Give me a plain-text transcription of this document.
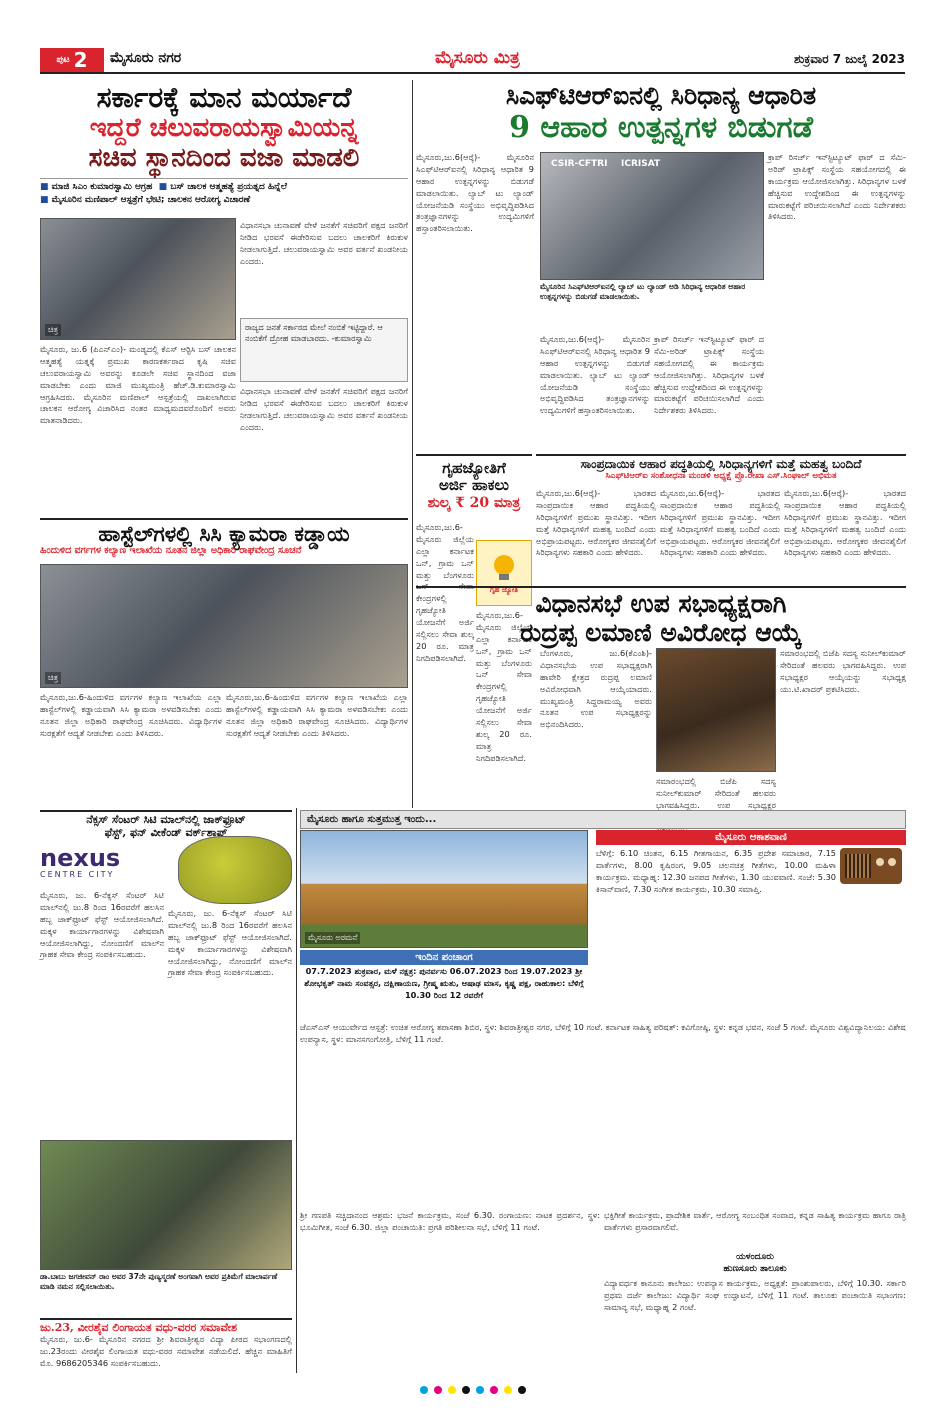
ಪುಟ 2 ಮೈಸೂರು ನಗರ	ಮೈಸೂರು ಮಿತ್ರ	ಶುಕ್ರವಾರ 7 ಜುಲೈ 2023
ಸರ್ಕಾರಕ್ಕೆ ಮಾನ ಮರ್ಯಾದೆ
ಇದ್ದರೆ ಚಲುವರಾಯಸ್ವಾಮಿಯನ್ನ
ಸಚಿವ ಸ್ಥಾನದಿಂದ ವಜಾ ಮಾಡಲಿ
■ ಮಾಜಿ ಸಿಎಂ ಕುಮಾರಸ್ವಾಮಿ ಆಗ್ರಹ ■ ಬಸ್ ಚಾಲಕ ಆತ್ಮಹತ್ಯೆ ಪ್ರಯತ್ನದ ಹಿನ್ನೆಲೆ
■ ಮೈಸೂರಿನ ಮಣಿಪಾಲ್ ಆಸ್ಪತ್ರೆಗೆ ಭೇಟಿ; ಚಾಲಕನ ಆರೋಗ್ಯ ವಿಚಾರಣೆ
ಚಿತ್ರ
ವಿಧಾನಸಭಾ ಚುನಾವಣೆ ವೇಳೆ ಜನತೆಗೆ ಸಚಿವರಿಗೆ ಪಕ್ಷದ ಜನರಿಗೆ ನೀಡಿದ ಭರವಸೆ ಈಡೇರಿಸುವ ಬದಲು ಚಾಲಕರಿಗೆ ಕಿರುಕುಳ ನೀಡಲಾಗುತ್ತಿದೆ. ಚಲುವರಾಯಸ್ವಾಮಿ ಅವರ ವರ್ತನೆ ಖಂಡನೀಯ ಎಂದರು.
ರಾಜ್ಯದ ಜನತೆ ಸರ್ಕಾರದ ಮೇಲೆ ನಂಬಿಕೆ ಇಟ್ಟಿದ್ದಾರೆ. ಆ ನಂಬಿಕೆಗೆ ದ್ರೋಹ ಮಾಡಬಾರದು. -ಕುಮಾರಸ್ವಾಮಿ
ಮೈಸೂರು, ಜು.6 (ಪಿಎನ್‍ಎಂ)- ಮಂಡ್ಯದಲ್ಲಿ ಕೆಎಸ್ ಆರ್‍ಟಿಸಿ ಬಸ್ ಚಾಲಕನ ಆತ್ಮಹತ್ಯೆ ಯತ್ನಕ್ಕೆ ಪ್ರಮುಖ ಕಾರಣಕರ್ತರಾದ ಕೃಷಿ ಸಚಿವ ಚಲುವರಾಯಸ್ವಾಮಿ ಅವರನ್ನು ಕೂಡಲೇ ಸಚಿವ ಸ್ಥಾನದಿಂದ ವಜಾ ಮಾಡಬೇಕು ಎಂದು ಮಾಜಿ ಮುಖ್ಯಮಂತ್ರಿ ಹೆಚ್.ಡಿ.ಕುಮಾರಸ್ವಾಮಿ ಆಗ್ರಹಿಸಿದರು. ಮೈಸೂರಿನ ಮಣಿಪಾಲ್ ಆಸ್ಪತ್ರೆಯಲ್ಲಿ ದಾಖಲಾಗಿರುವ ಚಾಲಕನ ಆರೋಗ್ಯ ವಿಚಾರಿಸಿದ ನಂತರ ಮಾಧ್ಯಮದವರೊಂದಿಗೆ ಅವರು ಮಾತನಾಡಿದರು.
ವಿಧಾನಸಭಾ ಚುನಾವಣೆ ವೇಳೆ ಜನತೆಗೆ ಸಚಿವರಿಗೆ ಪಕ್ಷದ ಜನರಿಗೆ ನೀಡಿದ ಭರವಸೆ ಈಡೇರಿಸುವ ಬದಲು ಚಾಲಕರಿಗೆ ಕಿರುಕುಳ ನೀಡಲಾಗುತ್ತಿದೆ. ಚಲುವರಾಯಸ್ವಾಮಿ ಅವರ ವರ್ತನೆ ಖಂಡನೀಯ ಎಂದರು.
ಹಾಸ್ಟೆಲ್‍ಗಳಲ್ಲಿ ಸಿಸಿ ಕ್ಯಾಮರಾ ಕಡ್ಡಾಯ
ಹಿಂದುಳಿದ ವರ್ಗಗಳ ಕಲ್ಯಾಣ ಇಲಾಖೆಯ ನೂತನ ಜಿಲ್ಲಾ ಅಧಿಕಾರಿ ರಾಘವೇಂದ್ರ ಸೂಚನೆ
ಚಿತ್ರ
ಮೈಸೂರು,ಜು.6-ಹಿಂದುಳಿದ ವರ್ಗಗಳ ಕಲ್ಯಾಣ ಇಲಾಖೆಯ ಎಲ್ಲಾ ಹಾಸ್ಟೆಲ್‍ಗಳಲ್ಲಿ ಕಡ್ಡಾಯವಾಗಿ ಸಿಸಿ ಕ್ಯಾಮರಾ ಅಳವಡಿಸಬೇಕು ಎಂದು ನೂತನ ಜಿಲ್ಲಾ ಅಧಿಕಾರಿ ರಾಘವೇಂದ್ರ ಸೂಚಿಸಿದರು. ವಿದ್ಯಾರ್ಥಿಗಳ ಸುರಕ್ಷತೆಗೆ ಆದ್ಯತೆ ನೀಡಬೇಕು ಎಂದು ತಿಳಿಸಿದರು.
ಮೈಸೂರು,ಜು.6-ಹಿಂದುಳಿದ ವರ್ಗಗಳ ಕಲ್ಯಾಣ ಇಲಾಖೆಯ ಎಲ್ಲಾ ಹಾಸ್ಟೆಲ್‍ಗಳಲ್ಲಿ ಕಡ್ಡಾಯವಾಗಿ ಸಿಸಿ ಕ್ಯಾಮರಾ ಅಳವಡಿಸಬೇಕು ಎಂದು ನೂತನ ಜಿಲ್ಲಾ ಅಧಿಕಾರಿ ರಾಘವೇಂದ್ರ ಸೂಚಿಸಿದರು. ವಿದ್ಯಾರ್ಥಿಗಳ ಸುರಕ್ಷತೆಗೆ ಆದ್ಯತೆ ನೀಡಬೇಕು ಎಂದು ತಿಳಿಸಿದರು.
ಸಿಎಫ್‍ಟಿಆರ್‍ಐನಲ್ಲಿ ಸಿರಿಧಾನ್ಯ ಆಧಾರಿತ
9 ಆಹಾರ ಉತ್ಪನ್ನಗಳ ಬಿಡುಗಡೆ
ಮೈಸೂರು,ಜು.6(ಆರ್‍ಕೆ)- ಮೈಸೂರಿನ ಸಿಎಫ್‍ಟಿಆರ್‍ಐನಲ್ಲಿ ಸಿರಿಧಾನ್ಯ ಆಧಾರಿತ 9 ಆಹಾರ ಉತ್ಪನ್ನಗಳನ್ನು ಬಿಡುಗಡೆ ಮಾಡಲಾಯಿತು. ಲ್ಯಾಬ್ ಟು ಲ್ಯಾಂಡ್ ಯೋಜನೆಯಡಿ ಸಂಸ್ಥೆಯು ಅಭಿವೃದ್ಧಿಪಡಿಸಿದ ತಂತ್ರಜ್ಞಾನಗಳನ್ನು ಉದ್ಯಮಿಗಳಿಗೆ ಹಸ್ತಾಂತರಿಸಲಾಯಿತು.
CSIR-CFTRI ICRISAT
ಮೈಸೂರಿನ ಸಿಎಫ್‍ಟಿಆರ್‍ಐನಲ್ಲಿ ಲ್ಯಾಬ್ ಟು ಲ್ಯಾಂಡ್ ಅಡಿ ಸಿರಿಧಾನ್ಯ ಆಧಾರಿತ ಆಹಾರ ಉತ್ಪನ್ನಗಳನ್ನು ಬಿಡುಗಡೆ ಮಾಡಲಾಯಿತು.
ಕ್ರಾಪ್ ರಿಸರ್ಚ್ ಇನ್‍ಸ್ಟಿಟ್ಯೂಟ್ ಫಾರ್ ದ ಸೆಮಿ-ಅರಿಡ್ ಟ್ರಾಪಿಕ್ಸ್ ಸಂಸ್ಥೆಯ ಸಹಯೋಗದಲ್ಲಿ ಈ ಕಾರ್ಯಕ್ರಮ ಆಯೋಜಿಸಲಾಗಿತ್ತು. ಸಿರಿಧಾನ್ಯಗಳ ಬಳಕೆ ಹೆಚ್ಚಿಸುವ ಉದ್ದೇಶದಿಂದ ಈ ಉತ್ಪನ್ನಗಳನ್ನು ಮಾರುಕಟ್ಟೆಗೆ ಪರಿಚಯಿಸಲಾಗಿದೆ ಎಂದು ನಿರ್ದೇಶಕರು ತಿಳಿಸಿದರು.
ಮೈಸೂರು,ಜು.6(ಆರ್‍ಕೆ)- ಮೈಸೂರಿನ ಸಿಎಫ್‍ಟಿಆರ್‍ಐನಲ್ಲಿ ಸಿರಿಧಾನ್ಯ ಆಧಾರಿತ 9 ಆಹಾರ ಉತ್ಪನ್ನಗಳನ್ನು ಬಿಡುಗಡೆ ಮಾಡಲಾಯಿತು. ಲ್ಯಾಬ್ ಟು ಲ್ಯಾಂಡ್ ಯೋಜನೆಯಡಿ ಸಂಸ್ಥೆಯು ಅಭಿವೃದ್ಧಿಪಡಿಸಿದ ತಂತ್ರಜ್ಞಾನಗಳನ್ನು ಉದ್ಯಮಿಗಳಿಗೆ ಹಸ್ತಾಂತರಿಸಲಾಯಿತು.
ಕ್ರಾಪ್ ರಿಸರ್ಚ್ ಇನ್‍ಸ್ಟಿಟ್ಯೂಟ್ ಫಾರ್ ದ ಸೆಮಿ-ಅರಿಡ್ ಟ್ರಾಪಿಕ್ಸ್ ಸಂಸ್ಥೆಯ ಸಹಯೋಗದಲ್ಲಿ ಈ ಕಾರ್ಯಕ್ರಮ ಆಯೋಜಿಸಲಾಗಿತ್ತು. ಸಿರಿಧಾನ್ಯಗಳ ಬಳಕೆ ಹೆಚ್ಚಿಸುವ ಉದ್ದೇಶದಿಂದ ಈ ಉತ್ಪನ್ನಗಳನ್ನು ಮಾರುಕಟ್ಟೆಗೆ ಪರಿಚಯಿಸಲಾಗಿದೆ ಎಂದು ನಿರ್ದೇಶಕರು ತಿಳಿಸಿದರು.
ಸಾಂಪ್ರದಾಯಿಕ ಆಹಾರ ಪದ್ಧತಿಯಲ್ಲಿ ಸಿರಿಧಾನ್ಯಗಳಿಗೆ ಮತ್ತೆ ಮಹತ್ವ ಬಂದಿದೆ
ಸಿಎಫ್‍ಟಿಆರ್‍ಐ ಸಂಶೋಧನಾ ಮಂಡಳಿ ಅಧ್ಯಕ್ಷೆ ಪ್ರೊ.ರೇಖಾ ಎಸ್.ಸಿಂಘಾಲ್ ಅಭಿಮತ
ಮೈಸೂರು,ಜು.6(ಆರ್‍ಕೆ)- ಭಾರತದ ಸಾಂಪ್ರದಾಯಿಕ ಆಹಾರ ಪದ್ಧತಿಯಲ್ಲಿ ಸಿರಿಧಾನ್ಯಗಳಿಗೆ ಪ್ರಮುಖ ಸ್ಥಾನವಿತ್ತು. ಇದೀಗ ಮತ್ತೆ ಸಿರಿಧಾನ್ಯಗಳಿಗೆ ಮಹತ್ವ ಬಂದಿದೆ ಎಂದು ಅಭಿಪ್ರಾಯಪಟ್ಟರು. ಆರೋಗ್ಯಕರ ಜೀವನಶೈಲಿಗೆ ಸಿರಿಧಾನ್ಯಗಳು ಸಹಕಾರಿ ಎಂದು ಹೇಳಿದರು.
ಮೈಸೂರು,ಜು.6(ಆರ್‍ಕೆ)- ಭಾರತದ ಸಾಂಪ್ರದಾಯಿಕ ಆಹಾರ ಪದ್ಧತಿಯಲ್ಲಿ ಸಿರಿಧಾನ್ಯಗಳಿಗೆ ಪ್ರಮುಖ ಸ್ಥಾನವಿತ್ತು. ಇದೀಗ ಮತ್ತೆ ಸಿರಿಧಾನ್ಯಗಳಿಗೆ ಮಹತ್ವ ಬಂದಿದೆ ಎಂದು ಅಭಿಪ್ರಾಯಪಟ್ಟರು. ಆರೋಗ್ಯಕರ ಜೀವನಶೈಲಿಗೆ ಸಿರಿಧಾನ್ಯಗಳು ಸಹಕಾರಿ ಎಂದು ಹೇಳಿದರು.
ಮೈಸೂರು,ಜು.6(ಆರ್‍ಕೆ)- ಭಾರತದ ಸಾಂಪ್ರದಾಯಿಕ ಆಹಾರ ಪದ್ಧತಿಯಲ್ಲಿ ಸಿರಿಧಾನ್ಯಗಳಿಗೆ ಪ್ರಮುಖ ಸ್ಥಾನವಿತ್ತು. ಇದೀಗ ಮತ್ತೆ ಸಿರಿಧಾನ್ಯಗಳಿಗೆ ಮಹತ್ವ ಬಂದಿದೆ ಎಂದು ಅಭಿಪ್ರಾಯಪಟ್ಟರು. ಆರೋಗ್ಯಕರ ಜೀವನಶೈಲಿಗೆ ಸಿರಿಧಾನ್ಯಗಳು ಸಹಕಾರಿ ಎಂದು ಹೇಳಿದರು.
ಗೃಹಜ್ಯೋತಿಗೆ
ಅರ್ಜಿ ಹಾಕಲು
ಶುಲ್ಕ ₹ 20 ಮಾತ್ರ
ಮೈಸೂರು,ಜು.6- ಮೈಸೂರು ಜಿಲ್ಲೆಯ ಎಲ್ಲಾ ಕರ್ನಾಟಕ ಒನ್, ಗ್ರಾಮ ಒನ್ ಮತ್ತು ಬೆಂಗಳೂರು ಒನ್ ಸೇವಾ ಕೇಂದ್ರಗಳಲ್ಲಿ ಗೃಹಜ್ಯೋತಿ ಯೋಜನೆಗೆ ಅರ್ಜಿ ಸಲ್ಲಿಸಲು ಸೇವಾ ಶುಲ್ಕ 20 ರೂ. ಮಾತ್ರ ನಿಗದಿಪಡಿಸಲಾಗಿದೆ.
ಗೃಹ ಜ್ಯೋತಿ
ಮೈಸೂರು,ಜು.6- ಮೈಸೂರು ಜಿಲ್ಲೆಯ ಎಲ್ಲಾ ಕರ್ನಾಟಕ ಒನ್, ಗ್ರಾಮ ಒನ್ ಮತ್ತು ಬೆಂಗಳೂರು ಒನ್ ಸೇವಾ ಕೇಂದ್ರಗಳಲ್ಲಿ ಗೃಹಜ್ಯೋತಿ ಯೋಜನೆಗೆ ಅರ್ಜಿ ಸಲ್ಲಿಸಲು ಸೇವಾ ಶುಲ್ಕ 20 ರೂ. ಮಾತ್ರ ನಿಗದಿಪಡಿಸಲಾಗಿದೆ.
ವಿಧಾನಸಭೆ ಉಪ ಸಭಾಧ್ಯಕ್ಷರಾಗಿ
ರುದ್ರಪ್ಪ ಲಮಾಣಿ ಅವಿರೋಧ ಆಯ್ಕೆ
ಬೆಂಗಳೂರು, ಜು.6(ಕೆಎಂಶಿ)- ವಿಧಾನಸಭೆಯ ಉಪ ಸಭಾಧ್ಯಕ್ಷರಾಗಿ ಹಾವೇರಿ ಕ್ಷೇತ್ರದ ರುದ್ರಪ್ಪ ಲಮಾಣಿ ಅವಿರೋಧವಾಗಿ ಆಯ್ಕೆಯಾದರು. ಮುಖ್ಯಮಂತ್ರಿ ಸಿದ್ದರಾಮಯ್ಯ ಅವರು ನೂತನ ಉಪ ಸಭಾಧ್ಯಕ್ಷರನ್ನು ಅಭಿನಂದಿಸಿದರು.
ಸಮಾರಂಭದಲ್ಲಿ ಬಿಜೆಪಿ ಸದಸ್ಯ ಸುನೀಲ್‍ಕುಮಾರ್ ಸೇರಿದಂತೆ ಹಲವರು ಭಾಗವಹಿಸಿದ್ದರು. ಉಪ ಸಭಾಧ್ಯಕ್ಷರ
ಸಮಾರಂಭದಲ್ಲಿ ಬಿಜೆಪಿ ಸದಸ್ಯ ಸುನೀಲ್‍ಕುಮಾರ್ ಸೇರಿದಂತೆ ಹಲವರು ಭಾಗವಹಿಸಿದ್ದರು. ಉಪ ಸಭಾಧ್ಯಕ್ಷರ ಆಯ್ಕೆಯನ್ನು ಸಭಾಧ್ಯಕ್ಷ ಯು.ಟಿ.ಖಾದರ್ ಪ್ರಕಟಿಸಿದರು.
ನೆಕ್ಸಸ್ ಸೆಂಟರ್ ಸಿಟಿ ಮಾಲ್‍ನಲ್ಲಿ ಜಾಕ್‍ಫ್ರೂಟ್
ಫೆಸ್ಟ್, ಫನ್ ವೀಕೆಂಡ್ ವರ್ಕ್‍ಶಾಪ್
nexus
CENTRE CITY
ಮೈಸೂರು, ಜು. 6-ನೆಕ್ಸಸ್ ಸೆಂಟರ್ ಸಿಟಿ ಮಾಲ್‍ನಲ್ಲಿ ಜು.8 ರಿಂದ 16ರವರೆಗೆ ಹಲಸಿನ ಹಬ್ಬ ಜಾಕ್‍ಫ್ರೂಟ್ ಫೆಸ್ಟ್ ಆಯೋಜಿಸಲಾಗಿದೆ. ಮಕ್ಕಳ ಕಾರ್ಯಾಗಾರಗಳನ್ನು ವಿಶೇಷವಾಗಿ ಆಯೋಜಿಸಲಾಗಿದ್ದು, ನೋಂದಣಿಗೆ ಮಾಲ್‍ನ ಗ್ರಾಹಕ ಸೇವಾ ಕೇಂದ್ರ ಸಂಪರ್ಕಿಸಬಹುದು.
ಮೈಸೂರು, ಜು. 6-ನೆಕ್ಸಸ್ ಸೆಂಟರ್ ಸಿಟಿ ಮಾಲ್‍ನಲ್ಲಿ ಜು.8 ರಿಂದ 16ರವರೆಗೆ ಹಲಸಿನ ಹಬ್ಬ ಜಾಕ್‍ಫ್ರೂಟ್ ಫೆಸ್ಟ್ ಆಯೋಜಿಸಲಾಗಿದೆ. ಮಕ್ಕಳ ಕಾರ್ಯಾಗಾರಗಳನ್ನು ವಿಶೇಷವಾಗಿ ಆಯೋಜಿಸಲಾಗಿದ್ದು, ನೋಂದಣಿಗೆ ಮಾಲ್‍ನ ಗ್ರಾಹಕ ಸೇವಾ ಕೇಂದ್ರ ಸಂಪರ್ಕಿಸಬಹುದು.
ಡಾ.ಬಾಬು ಜಗಜೀವನ್ ರಾಂ ಅವರ 37ನೇ ಪುಣ್ಯಸ್ಮರಣೆ ಅಂಗವಾಗಿ ಅವರ ಪ್ರತಿಮೆಗೆ ಮಾಲಾರ್ಪಣೆ ಮಾಡಿ ನಮನ ಸಲ್ಲಿಸಲಾಯಿತು.
ಜು.23, ವೀರಶೈವ ಲಿಂಗಾಯತ ವಧು-ವರರ ಸಮಾವೇಶ
ಮೈಸೂರು, ಜು.6- ಮೈಸೂರಿನ ನಗರದ ಶ್ರೀ ಶಿವರಾತ್ರೀಶ್ವರ ವಿದ್ಯಾ ಪೀಠದ ಸಭಾಂಗಣದಲ್ಲಿ ಜು.23ರಂದು ವೀರಶೈವ ಲಿಂಗಾಯತ ವಧು-ವರರ ಸಮಾವೇಶ ನಡೆಯಲಿದೆ. ಹೆಚ್ಚಿನ ಮಾಹಿತಿಗೆ ಮೊ. 9686205346 ಸಂಪರ್ಕಿಸಬಹುದು.
ಮೈಸೂರು ಹಾಗೂ ಸುತ್ತಮುತ್ತ ಇಂದು...
ಮೈಸೂರು ಅರಮನೆ
ಇಂದಿನ ಪಂಚಾಂಗ
07.7.2023 ಶುಕ್ರವಾರ, ಮಳೆ ನಕ್ಷತ್ರ: ಪುನರ್ವಸು 06.07.2023 ರಿಂದ 19.07.2023 ಶ್ರೀ ಶೋಭಕೃತ್ ನಾಮ ಸಂವತ್ಸರ, ದಕ್ಷಿಣಾಯಣ, ಗ್ರೀಷ್ಮ ಋತು, ಆಷಾಢ ಮಾಸ, ಕೃಷ್ಣ ಪಕ್ಷ, ರಾಹುಕಾಲ: ಬೆಳಿಗ್ಗೆ 10.30 ರಿಂದ 12 ರವರೆಗೆ
ಜೆಎಸ್‍ಎಸ್ ಆಯುರ್ವೇದ ಆಸ್ಪತ್ರೆ: ಉಚಿತ ಆರೋಗ್ಯ ತಪಾಸಣಾ ಶಿಬಿರ, ಸ್ಥಳ: ಶಿವರಾತ್ರೀಶ್ವರ ನಗರ, ಬೆಳಿಗ್ಗೆ 10 ಗಂಟೆ. ಕರ್ನಾಟಕ ಸಾಹಿತ್ಯ ಪರಿಷತ್: ಕವಿಗೋಷ್ಠಿ, ಸ್ಥಳ: ಕನ್ನಡ ಭವನ, ಸಂಜೆ 5 ಗಂಟೆ. ಮೈಸೂರು ವಿಶ್ವವಿದ್ಯಾನಿಲಯ: ವಿಶೇಷ ಉಪನ್ಯಾಸ, ಸ್ಥಳ: ಮಾನಸಗಂಗೋತ್ರಿ, ಬೆಳಿಗ್ಗೆ 11 ಗಂಟೆ.
ಶ್ರೀ ಗಣಪತಿ ಸಚ್ಚಿದಾನಂದ ಆಶ್ರಮ: ಭಜನೆ ಕಾರ್ಯಕ್ರಮ, ಸಂಜೆ 6.30. ರಂಗಾಯಣ: ನಾಟಕ ಪ್ರದರ್ಶನ, ಸ್ಥಳ: ಭೂಮಿಗೀತ, ಸಂಜೆ 6.30. ಜಿಲ್ಲಾ ಪಂಚಾಯಿತಿ: ಪ್ರಗತಿ ಪರಿಶೀಲನಾ ಸಭೆ, ಬೆಳಿಗ್ಗೆ 11 ಗಂಟೆ.
ಮೈಸೂರು ಆಕಾಶವಾಣಿ
ಬೆಳಿಗ್ಗೆ: 6.10 ಚಿಂತನ, 6.15 ಗೀತಗಾಯನ, 6.35 ಪ್ರದೇಶ ಸಮಾಚಾರ, 7.15 ವಾರ್ತೆಗಳು, 8.00 ಕೃಷಿರಂಗ, 9.05 ಚಲನಚಿತ್ರ ಗೀತೆಗಳು, 10.00 ಮಹಿಳಾ ಕಾರ್ಯಕ್ರಮ. ಮಧ್ಯಾಹ್ನ: 12.30 ಜನಪದ ಗೀತೆಗಳು, 1.30 ಯುವವಾಣಿ. ಸಂಜೆ: 5.30 ಕಿಸಾನ್‍ವಾಣಿ, 7.30 ಸಂಗೀತ ಕಾರ್ಯಕ್ರಮ, 10.30 ಸಮಾಪ್ತಿ.
ಭಕ್ತಿಗೀತೆ ಕಾರ್ಯಕ್ರಮ, ಪ್ರಾದೇಶಿಕ ವಾರ್ತೆ, ಆರೋಗ್ಯ ಸಂಬಂಧಿತ ಸಂವಾದ, ಕನ್ನಡ ಸಾಹಿತ್ಯ ಕಾರ್ಯಕ್ರಮ ಹಾಗೂ ರಾತ್ರಿ ವಾರ್ತೆಗಳು ಪ್ರಸಾರವಾಗಲಿವೆ.
ಯಳಂದೂರು
ಹುಣಸೂರು ತಾಲೂಕು
ವಿದ್ಯಾವರ್ಧಕ ಕಾನೂನು ಕಾಲೇಜು: ಉಪನ್ಯಾಸ ಕಾರ್ಯಕ್ರಮ, ಅಧ್ಯಕ್ಷತೆ: ಪ್ರಾಂಶುಪಾಲರು, ಬೆಳಿಗ್ಗೆ 10.30. ಸರ್ಕಾರಿ ಪ್ರಥಮ ದರ್ಜೆ ಕಾಲೇಜು: ವಿದ್ಯಾರ್ಥಿ ಸಂಘ ಉದ್ಘಾಟನೆ, ಬೆಳಿಗ್ಗೆ 11 ಗಂಟೆ. ತಾಲೂಕು ಪಂಚಾಯಿತಿ ಸಭಾಂಗಣ: ಸಾಮಾನ್ಯ ಸಭೆ, ಮಧ್ಯಾಹ್ನ 2 ಗಂಟೆ.
